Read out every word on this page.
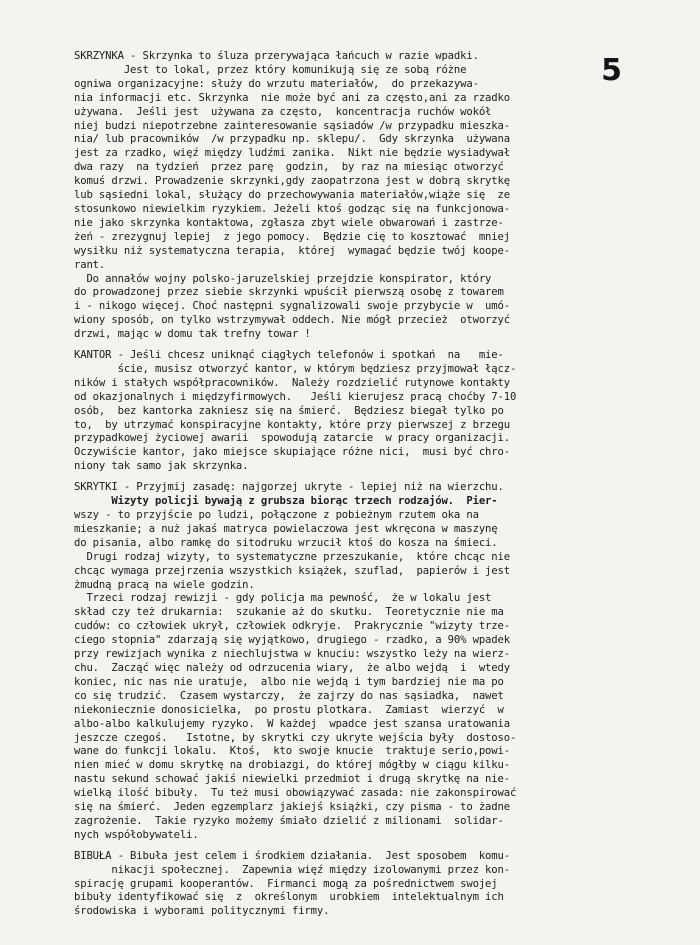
5
SKRZYNKA - Skrzynka to śluza przerywająca łańcuch w razie wpadki.
Jest to lokal, przez który komunikują się ze sobą różne
ogniwa organizacyjne: służy do wrzutu materiałów,  do przekazywa-
nia informacji etc. Skrzynka  nie może być ani za często,ani za rzadko
używana.  Jeśli jest  używana za często,  koncentracja ruchów wokół
niej budzi niepotrzebne zainteresowanie sąsiadów /w przypadku mieszka-
nia/ lub pracowników  /w przypadku np. sklepu/.  Gdy skrzynka  używana
jest za rzadko, więź między ludźmi zanika.  Nikt nie będzie wysiadywał
dwa razy  na tydzień  przez parę  godzin,  by raz na miesiąc otworzyć
komuś drzwi. Prowadzenie skrzynki,gdy zaopatrzona jest w dobrą skrytkę
lub sąsiedni lokal, służący do przechowywania materiałów,wiąże się  ze
stosunkowo niewielkim ryzykiem. Jeżeli ktoś godząc się na funkcjonowa-
nie jako skrzynka kontaktowa, zgłasza zbyt wiele obwarowań i zastrze-
żeń - zrezygnuj lepiej  z jego pomocy.  Będzie cię to kosztować  mniej
wysiłku niż systematyczna terapia,  której  wymagać będzie twój koope-
rant.
Do annałów wojny polsko-jaruzelskiej przejdzie konspirator, który
do prowadzonej przez siebie skrzynki wpuścił pierwszą osobę z towarem
i - nikogo więcej. Choć następni sygnalizowali swoje przybycie w  umó-
wiony sposób, on tylko wstrzymywał oddech. Nie mógł przecież  otworzyć
drzwi, mając w domu tak trefny towar !
KANTOR - Jeśli chcesz uniknąć ciągłych telefonów i spotkań  na   mie-
ście, musisz otworzyć kantor, w którym będziesz przyjmował łącz-
ników i stałych współpracowników.  Należy rozdzielić rutynowe kontakty
od okazjonalnych i międzyfirmowych.   Jeśli kierujesz pracą choćby 7-10
osób,  bez kantorka zakniesz się na śmierć.  Będziesz biegał tylko po
to,  by utrzymać konspiracyjne kontakty, które przy pierwszej z brzegu
przypadkowej życiowej awarii  spowodują zatarcie  w pracy organizacji.
Oczywiście kantor, jako miejsce skupiające różne nici,  musi być chro-
niony tak samo jak skrzynka.
SKRYTKI - Przyjmij zasadę: najgorzej ukryte - lepiej niż na wierzchu.
Wizyty policji bywają z grubsza biorąc trzech rodzajów.  Pier-
wszy - to przyjście po ludzi, połączone z pobieżnym rzutem oka na
mieszkanie; a nuż jakaś matryca powielaczowa jest wkręcona w maszynę
do pisania, albo ramkę do sitodruku wrzucił ktoś do kosza na śmieci.
Drugi rodzaj wizyty, to systematyczne przeszukanie,  które chcąc nie
chcąc wymaga przejrzenia wszystkich książek, szuflad,  papierów i jest
żmudną pracą na wiele godzin.
Trzeci rodzaj rewizji - gdy policja ma pewność,  że w lokalu jest
skład czy też drukarnia:  szukanie aż do skutku.  Teoretycznie nie ma
cudów: co człowiek ukrył, człowiek odkryje.  Prakrycznie "wizyty trze-
ciego stopnia" zdarzają się wyjątkowo, drugiego - rzadko, a 90% wpadek
przy rewizjach wynika z niechlujstwa w knuciu: wszystko leży na wierz-
chu.  Zacząć więc należy od odrzucenia wiary,  że albo wejdą  i  wtedy
koniec, nic nas nie uratuje,  albo nie wejdą i tym bardziej nie ma po
co się trudzić.  Czasem wystarczy,  że zajrzy do nas sąsiadka,  nawet
niekoniecznie donosicielka,  po prostu plotkara.  Zamiast  wierzyć  w
albo-albo kalkulujemy ryzyko.  W każdej  wpadce jest szansa uratowania
jeszcze czegoś.   Istotne, by skrytki czy ukryte wejścia były  dostoso-
wane do funkcji lokalu.  Ktoś,  kto swoje knucie  traktuje serio,powi-
nien mieć w domu skrytkę na drobiazgi, do której mógłby w ciągu kilku-
nastu sekund schować jakiś niewielki przedmiot i drugą skrytkę na nie-
wielką ilość bibuły.  Tu też musi obowiązywać zasada: nie zakonspirować
się na śmierć.  Jeden egzemplarz jakiejś książki, czy pisma - to żadne
zagrożenie.  Takie ryzyko możemy śmiało dzielić z milionami  solidar-
nych współobywateli.
BIBUŁA - Bibuła jest celem i środkiem działania.  Jest sposobem  komu-
nikacji społecznej.  Zapewnia więź między izolowanymi przez kon-
spirację grupami kooperantów.  Firmanci mogą za pośrednictwem swojej
bibuły identyfikować się  z  określonym  urobkiem  intelektualnym ich
środowiska i wyborami politycznymi firmy.
